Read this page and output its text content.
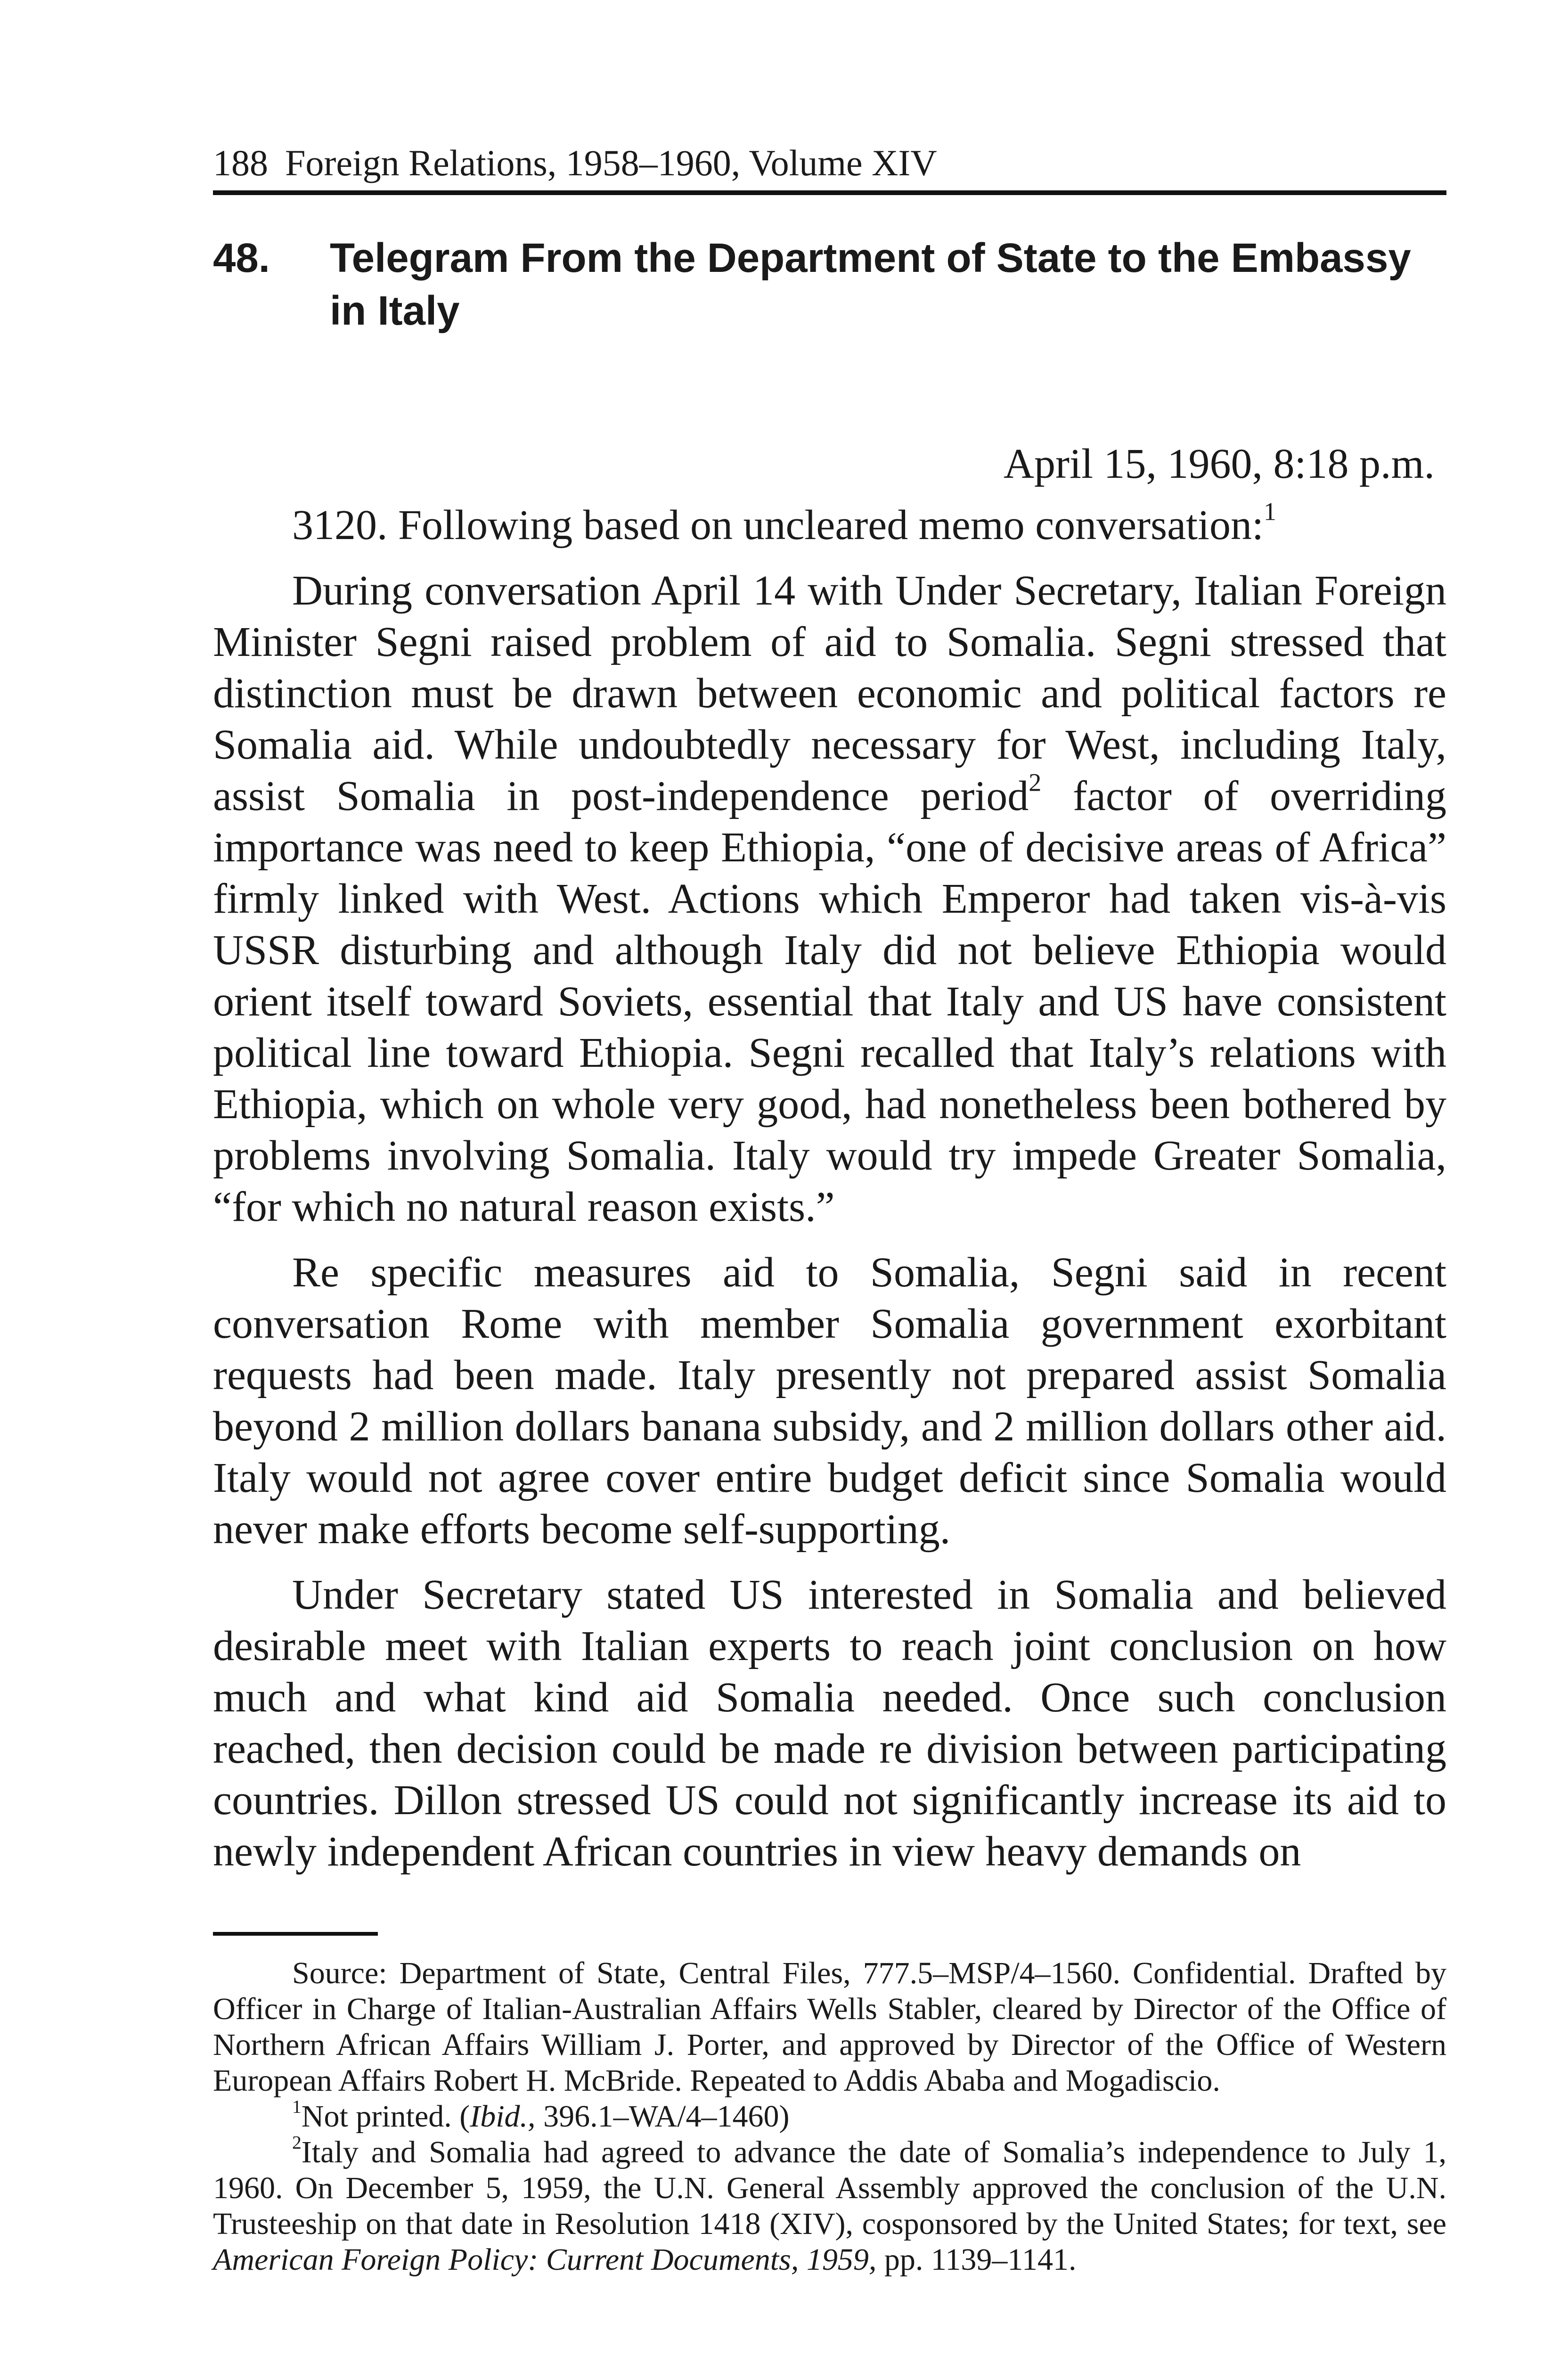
188 Foreign Relations, 1958–1960, Volume XIV
48. Telegram From the Department of State to the Embassy in Italy
April 15, 1960, 8:18 p.m.

3120. Following based on uncleared memo conversation:$^1$

During conversation April 14 with Under Secretary, Italian Foreign Minister Segni raised problem of aid to Somalia. Segni stressed that distinction must be drawn between economic and political factors re Somalia aid. While undoubtedly necessary for West, including Italy, assist Somalia in post-independence period$^2$ factor of overriding importance was need to keep Ethiopia, “one of decisive areas of Africa” firmly linked with West. Actions which Emperor had taken vis-à-vis USSR disturbing and although Italy did not believe Ethiopia would orient itself toward Soviets, essential that Italy and US have consistent political line toward Ethiopia. Segni recalled that Italy’s relations with Ethiopia, which on whole very good, had nonetheless been bothered by problems involving Somalia. Italy would try impede Greater Somalia, “for which no natural reason exists.”

Re specific measures aid to Somalia, Segni said in recent conversation Rome with member Somalia government exorbitant requests had been made. Italy presently not prepared assist Somalia beyond 2 million dollars banana subsidy, and 2 million dollars other aid. Italy would not agree cover entire budget deficit since Somalia would never make efforts become self-supporting.

Under Secretary stated US interested in Somalia and believed desirable meet with Italian experts to reach joint conclusion on how much and what kind aid Somalia needed. Once such conclusion reached, then decision could be made re division between participating countries. Dillon stressed US could not significantly increase its aid to newly independent African countries in view heavy demands on

Source: Department of State, Central Files, 777.5–MSP/4–1560. Confidential. Drafted by Officer in Charge of Italian-Australian Affairs Wells Stabler, cleared by Director of the Office of Northern African Affairs William J. Porter, and approved by Director of the Office of Western European Affairs Robert H. McBride. Repeated to Addis Ababa and Mogadiscio.

$^1$Not printed. (Ibid., 396.1–WA/4–1460)

$^2$Italy and Somalia had agreed to advance the date of Somalia’s independence to July 1, 1960. On December 5, 1959, the U.N. General Assembly approved the conclusion of the U.N. Trusteeship on that date in Resolution 1418 (XIV), cosponsored by the United States; for text, see American Foreign Policy: Current Documents, 1959, pp. 1139–1141.
